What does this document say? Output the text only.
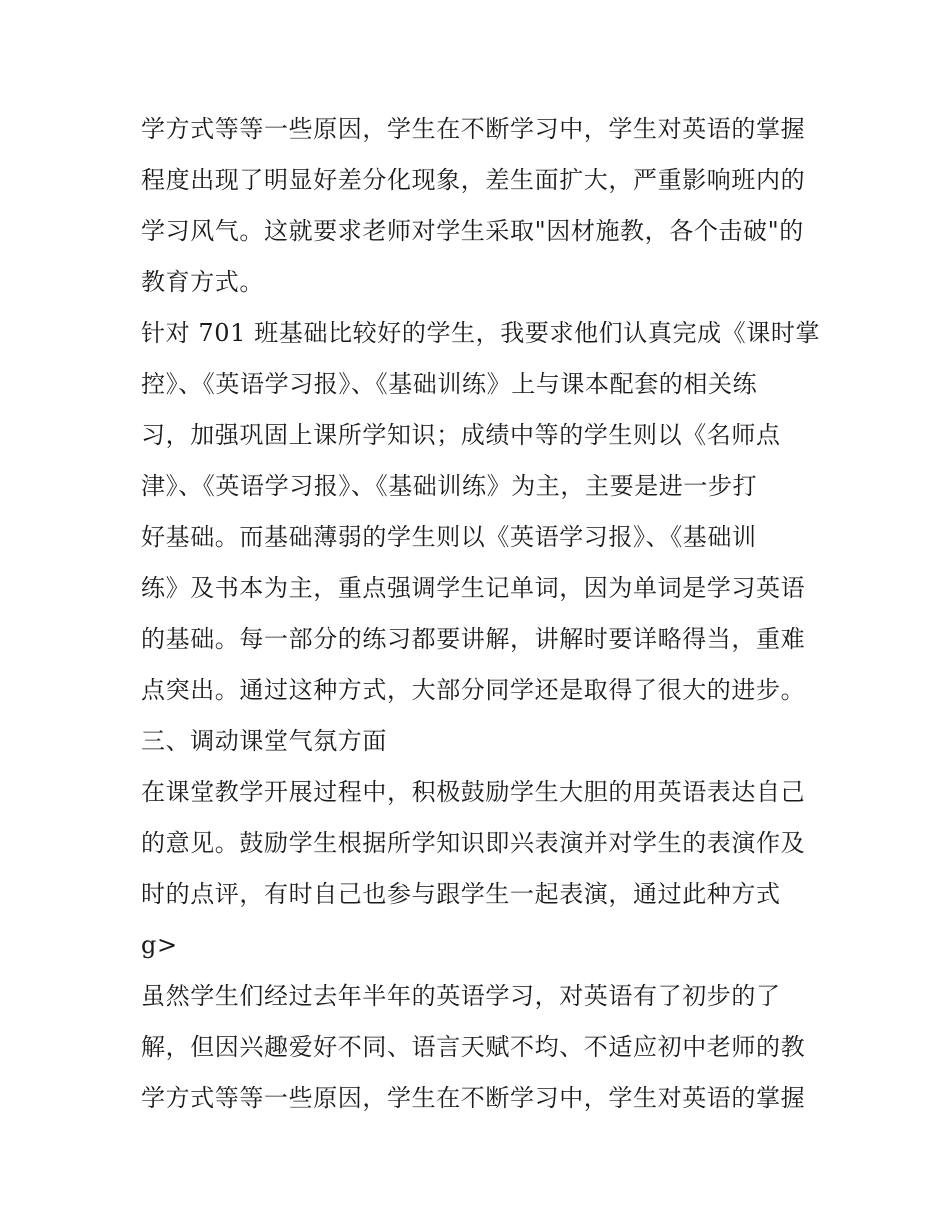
学方式等等一些原因，学生在不断学习中，学生对英语的掌握
程度出现了明显好差分化现象，差生面扩大，严重影响班内的
学习风气。这就要求老师对学生采取"因材施教，各个击破"的
教育方式。
针对 701 班基础比较好的学生，我要求他们认真完成《课时掌
控》、《英语学习报》、《基础训练》上与课本配套的相关练
习，加强巩固上课所学知识；成绩中等的学生则以《名师点
津》、《英语学习报》、《基础训练》为主，主要是进一步打
好基础。而基础薄弱的学生则以《英语学习报》、《基础训
练》及书本为主，重点强调学生记单词，因为单词是学习英语
的基础。每一部分的练习都要讲解，讲解时要详略得当，重难
点突出。通过这种方式，大部分同学还是取得了很大的进步。
三、调动课堂气氛方面
在课堂教学开展过程中，积极鼓励学生大胆的用英语表达自己
的意见。鼓励学生根据所学知识即兴表演并对学生的表演作及
时的点评，有时自己也参与跟学生一起表演，通过此种方式
g>
虽然学生们经过去年半年的英语学习，对英语有了初步的了
解，但因兴趣爱好不同、语言天赋不均、不适应初中老师的教
学方式等等一些原因，学生在不断学习中，学生对英语的掌握
